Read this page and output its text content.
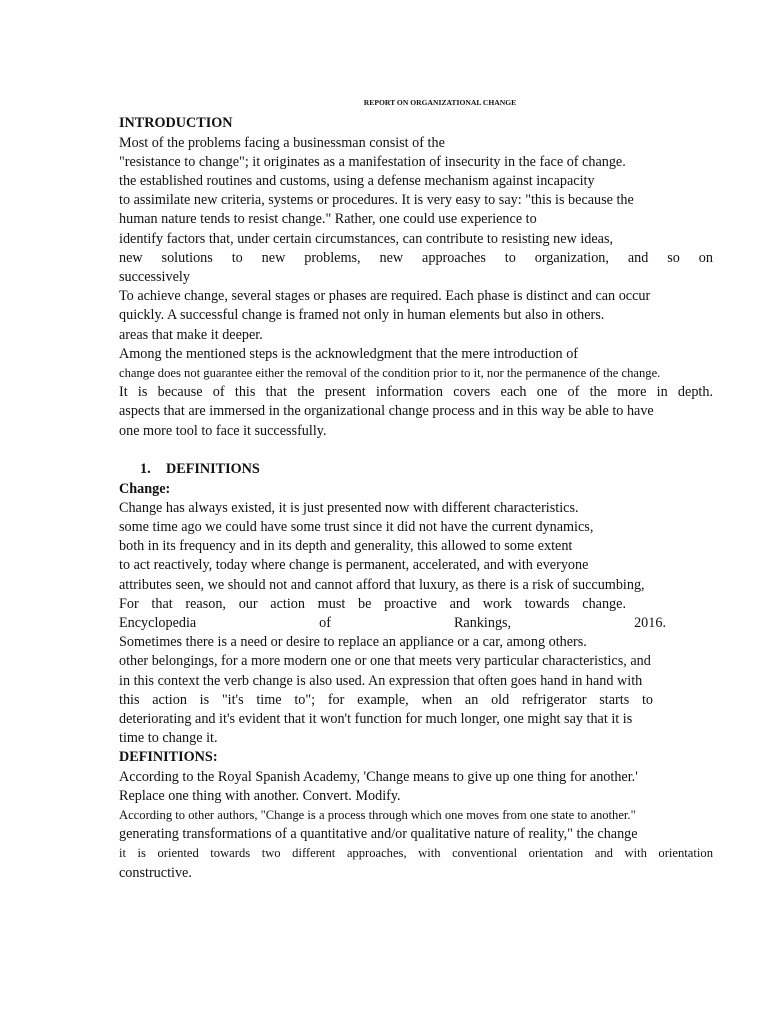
REPORT ON ORGANIZATIONAL CHANGE

INTRODUCTION

Most of the problems facing a businessman consist of the

"resistance to change"; it originates as a manifestation of insecurity in the face of change.

the established routines and customs, using a defense mechanism against incapacity

to assimilate new criteria, systems or procedures. It is very easy to say: "this is because the

human nature tends to resist change." Rather, one could use experience to

identify factors that, under certain circumstances, can contribute to resisting new ideas,

new solutions to new problems, new approaches to organization, and so on

successively

To achieve change, several stages or phases are required. Each phase is distinct and can occur

quickly. A successful change is framed not only in human elements but also in others.

areas that make it deeper.

Among the mentioned steps is the acknowledgment that the mere introduction of

change does not guarantee either the removal of the condition prior to it, nor the permanence of the change.

It is because of this that the present information covers each one of the more in depth.

aspects that are immersed in the organizational change process and in this way be able to have

one more tool to face it successfully.

1. DEFINITIONS

Change:

Change has always existed, it is just presented now with different characteristics.

some time ago we could have some trust since it did not have the current dynamics,

both in its frequency and in its depth and generality, this allowed to some extent

to act reactively, today where change is permanent, accelerated, and with everyone

attributes seen, we should not and cannot afford that luxury, as there is a risk of succumbing,

For that reason, our action must be proactive and work towards change.

Encyclopedia of Rankings, 2016.

Sometimes there is a need or desire to replace an appliance or a car, among others.

other belongings, for a more modern one or one that meets very particular characteristics, and

in this context the verb change is also used. An expression that often goes hand in hand with

this action is "it's time to"; for example, when an old refrigerator starts to

deteriorating and it's evident that it won't function for much longer, one might say that it is

time to change it.

DEFINITIONS:

According to the Royal Spanish Academy, 'Change means to give up one thing for another.'

Replace one thing with another. Convert. Modify.

According to other authors, "Change is a process through which one moves from one state to another."

generating transformations of a quantitative and/or qualitative nature of reality," the change

it is oriented towards two different approaches, with conventional orientation and with orientation

constructive.
